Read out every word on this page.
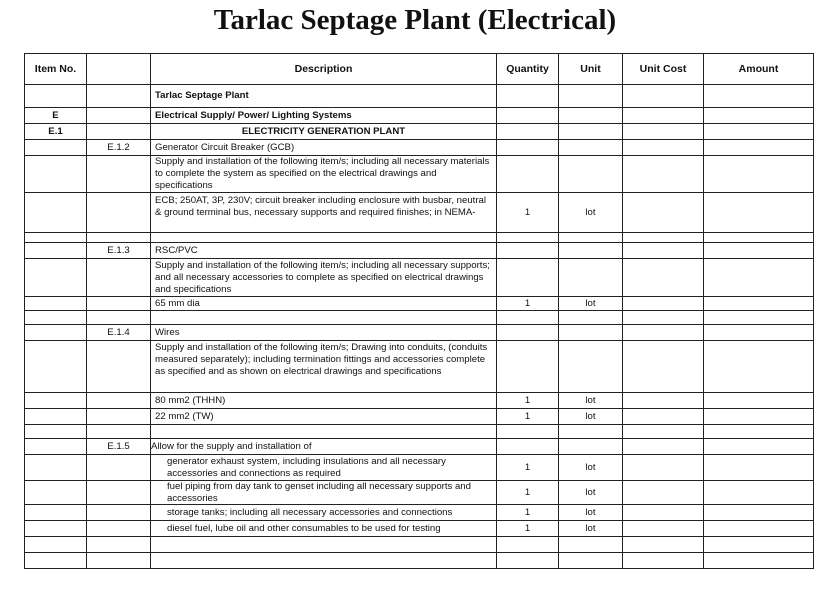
Tarlac Septage Plant (Electrical)
Item No.		Description	Quantity	Unit	Unit Cost	Amount
		Tarlac Septage Plant				
E		Electrical Supply/ Power/ Lighting Systems				
E.1		ELECTRICITY GENERATION PLANT				
	E.1.2	Generator Circuit Breaker (GCB)				

		Supply and installation of the following item/s; including all necessary materials to complete the system as specified on the electrical drawings and specifications				

		ECB; 250AT, 3P, 230V; circuit breaker including enclosure with busbar, neutral & ground terminal bus, necessary supports and required finishes; in NEMA-	1	lot		

	E.1.3	RSC/PVC				

		Supply and installation of the following item/s; including all necessary supports; and all necessary accessories to complete as specified on electrical drawings and specifications				

		65 mm dia	1	lot		

	E.1.4	Wires				

		Supply and installation of the following item/s; Drawing into conduits, (conduits measured separately); including termination fittings and accessories complete as specified and as shown on electrical drawings and specifications				

		80 mm2 (THHN)	1	lot		
		22 mm2 (TW)	1	lot		

	E.1.5	Allow for the supply and installation of				

		generator exhaust system, including insulations and all necessary accessories and connections as required	1	lot		

		fuel piping from day tank to genset including all necessary supports and accessories	1	lot		
		storage tanks; including all necessary accessories and connections	1	lot		
		diesel fuel, lube oil and other consumables to be used for testing	1	lot		
